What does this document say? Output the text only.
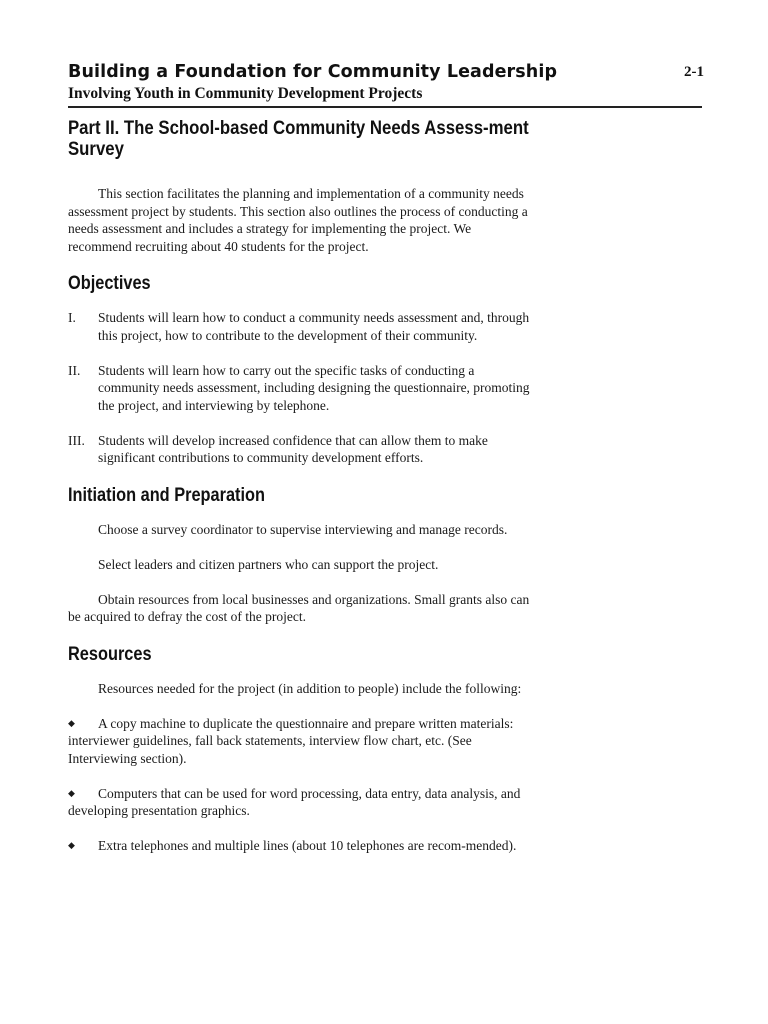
Building a Foundation for Community Leadership
Involving Youth in Community Development Projects
2-1
Part II. The School-based Community Needs Assess-ment Survey

This section facilitates the planning and implementation of a community needs assessment project by students. This section also outlines the process of conducting a needs assessment and includes a strategy for implementing the project. We recommend recruiting about 40 students for the project.

Objectives
I.	Students will learn how to conduct a community needs assessment and, through this project, how to contribute to the development of their community.
II.	Students will learn how to carry out the specific tasks of conducting a community needs assessment, including designing the questionnaire, promoting the project, and interviewing by telephone.
III. Students will develop increased confidence that can allow them to make significant contributions to community development efforts.
Initiation and Preparation

Choose a survey coordinator to supervise interviewing and manage records.

Select leaders and citizen partners who can support the project.

Obtain resources from local businesses and organizations. Small grants also can be acquired to defray the cost of the project.

Resources

Resources needed for the project (in addition to people) include the following:

◆ A copy machine to duplicate the questionnaire and prepare written materials: interviewer guidelines, fall back statements, interview flow chart, etc. (See Interviewing section).
◆ Computers that can be used for word processing, data entry, data analysis, and developing presentation graphics.
◆ Extra telephones and multiple lines (about 10 telephones are recom-mended).
